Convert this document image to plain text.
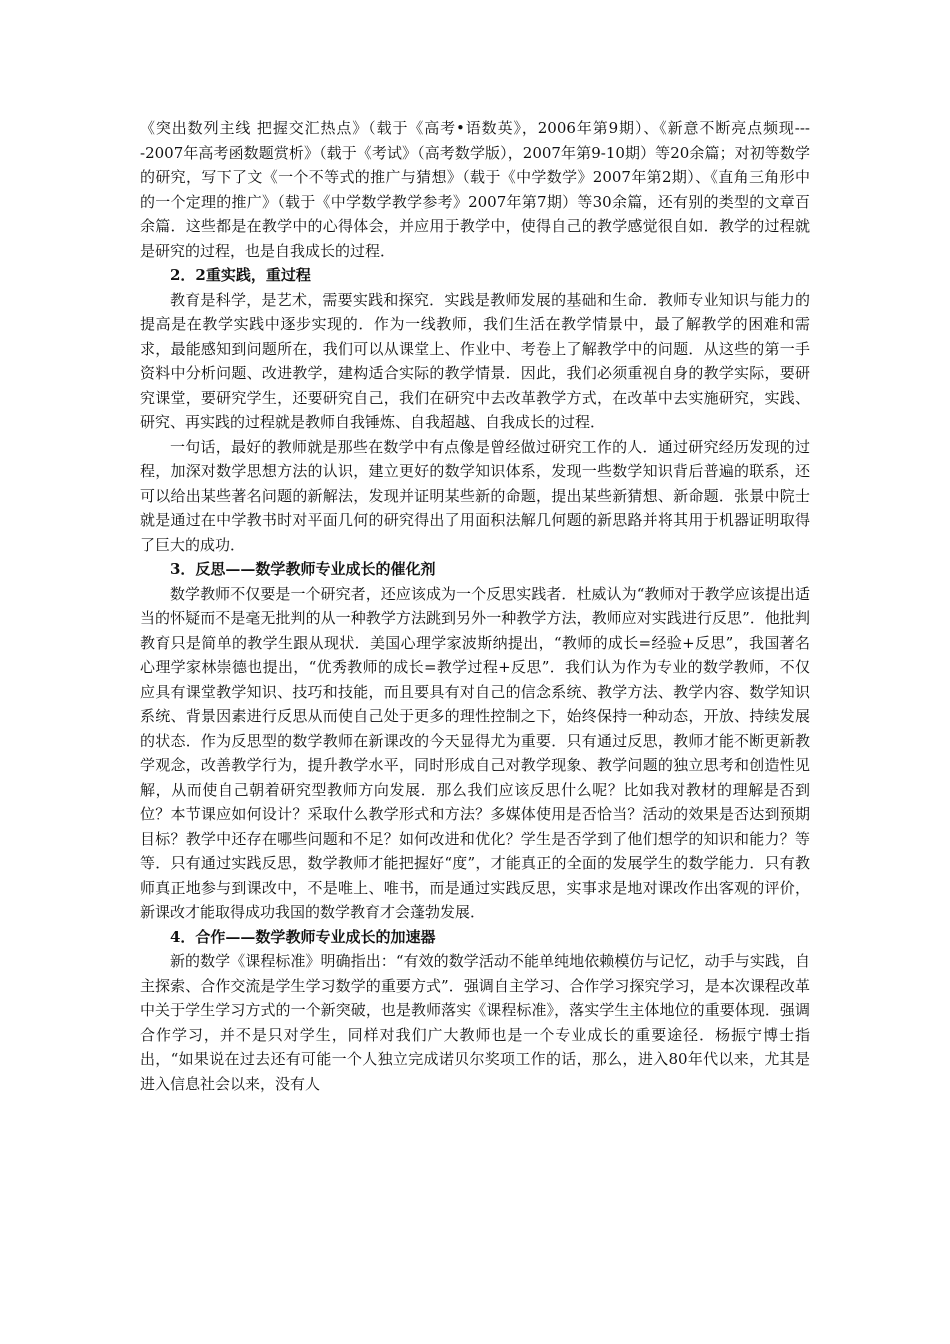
《突出数列主线 把握交汇热点》（载于《高考•语数英》，2006年第9期）、《新意不断亮点频现----2007年高考函数题赏析》（载于《考试》（高考数学版），2007年第9-10期）等20余篇；对初等数学的研究，写下了文《一个不等式的推广与猜想》（载于《中学数学》2007年第2期）、《直角三角形中的一个定理的推广》（载于《中学数学教学参考》2007年第7期）等30余篇，还有别的类型的文章百余篇．这些都是在教学中的心得体会，并应用于教学中，使得自己的教学感觉很自如．教学的过程就是研究的过程，也是自我成长的过程．

2．2重实践，重过程

教育是科学，是艺术，需要实践和探究．实践是教师发展的基础和生命．教师专业知识与能力的提高是在教学实践中逐步实现的．作为一线教师，我们生活在教学情景中，最了解教学的困难和需求，最能感知到问题所在，我们可以从课堂上、作业中、考卷上了解教学中的问题．从这些的第一手资料中分析问题、改进教学，建构适合实际的教学情景．因此，我们必须重视自身的教学实际，要研究课堂，要研究学生，还要研究自己，我们在研究中去改革教学方式，在改革中去实施研究，实践、研究、再实践的过程就是教师自我锤炼、自我超越、自我成长的过程．

一句话，最好的教师就是那些在数学中有点像是曾经做过研究工作的人．通过研究经历发现的过程，加深对数学思想方法的认识，建立更好的数学知识体系，发现一些数学知识背后普遍的联系，还可以给出某些著名问题的新解法，发现并证明某些新的命题，提出某些新猜想、新命题．张景中院士就是通过在中学教书时对平面几何的研究得出了用面积法解几何题的新思路并将其用于机器证明取得了巨大的成功．

3．反思——数学教师专业成长的催化剂

数学教师不仅要是一个研究者，还应该成为一个反思实践者．杜威认为“教师对于教学应该提出适当的怀疑而不是毫无批判的从一种教学方法跳到另外一种教学方法，教师应对实践进行反思”．他批判教育只是简单的教学生跟从现状．美国心理学家波斯纳提出，“教师的成长=经验+反思”，我国著名心理学家林崇德也提出，“优秀教师的成长=教学过程+反思”．我们认为作为专业的数学教师，不仅应具有课堂教学知识、技巧和技能，而且要具有对自己的信念系统、教学方法、教学内容、数学知识系统、背景因素进行反思从而使自己处于更多的理性控制之下，始终保持一种动态，开放、持续发展的状态．作为反思型的数学教师在新课改的今天显得尤为重要．只有通过反思，教师才能不断更新教学观念，改善教学行为，提升教学水平，同时形成自己对教学现象、教学问题的独立思考和创造性见解，从而使自己朝着研究型教师方向发展．那么我们应该反思什么呢？比如我对教材的理解是否到位？本节课应如何设计？采取什么教学形式和方法？多媒体使用是否恰当？活动的效果是否达到预期目标？教学中还存在哪些问题和不足？如何改进和优化？学生是否学到了他们想学的知识和能力？等等．只有通过实践反思，数学教师才能把握好“度”，才能真正的全面的发展学生的数学能力．只有教师真正地参与到课改中，不是唯上、唯书，而是通过实践反思，实事求是地对课改作出客观的评价，新课改才能取得成功我国的数学教育才会蓬勃发展．

4．合作——数学教师专业成长的加速器

新的数学《课程标准》明确指出：“有效的数学活动不能单纯地依赖模仿与记忆，动手与实践，自主探索、合作交流是学生学习数学的重要方式”．强调自主学习、合作学习探究学习，是本次课程改革中关于学生学习方式的一个新突破，也是教师落实《课程标准》，落实学生主体地位的重要体现．强调合作学习，并不是只对学生，同样对我们广大教师也是一个专业成长的重要途径．杨振宁博士指出，“如果说在过去还有可能一个人独立完成诺贝尔奖项工作的话，那么，进入80年代以来，尤其是进入信息社会以来，没有人
